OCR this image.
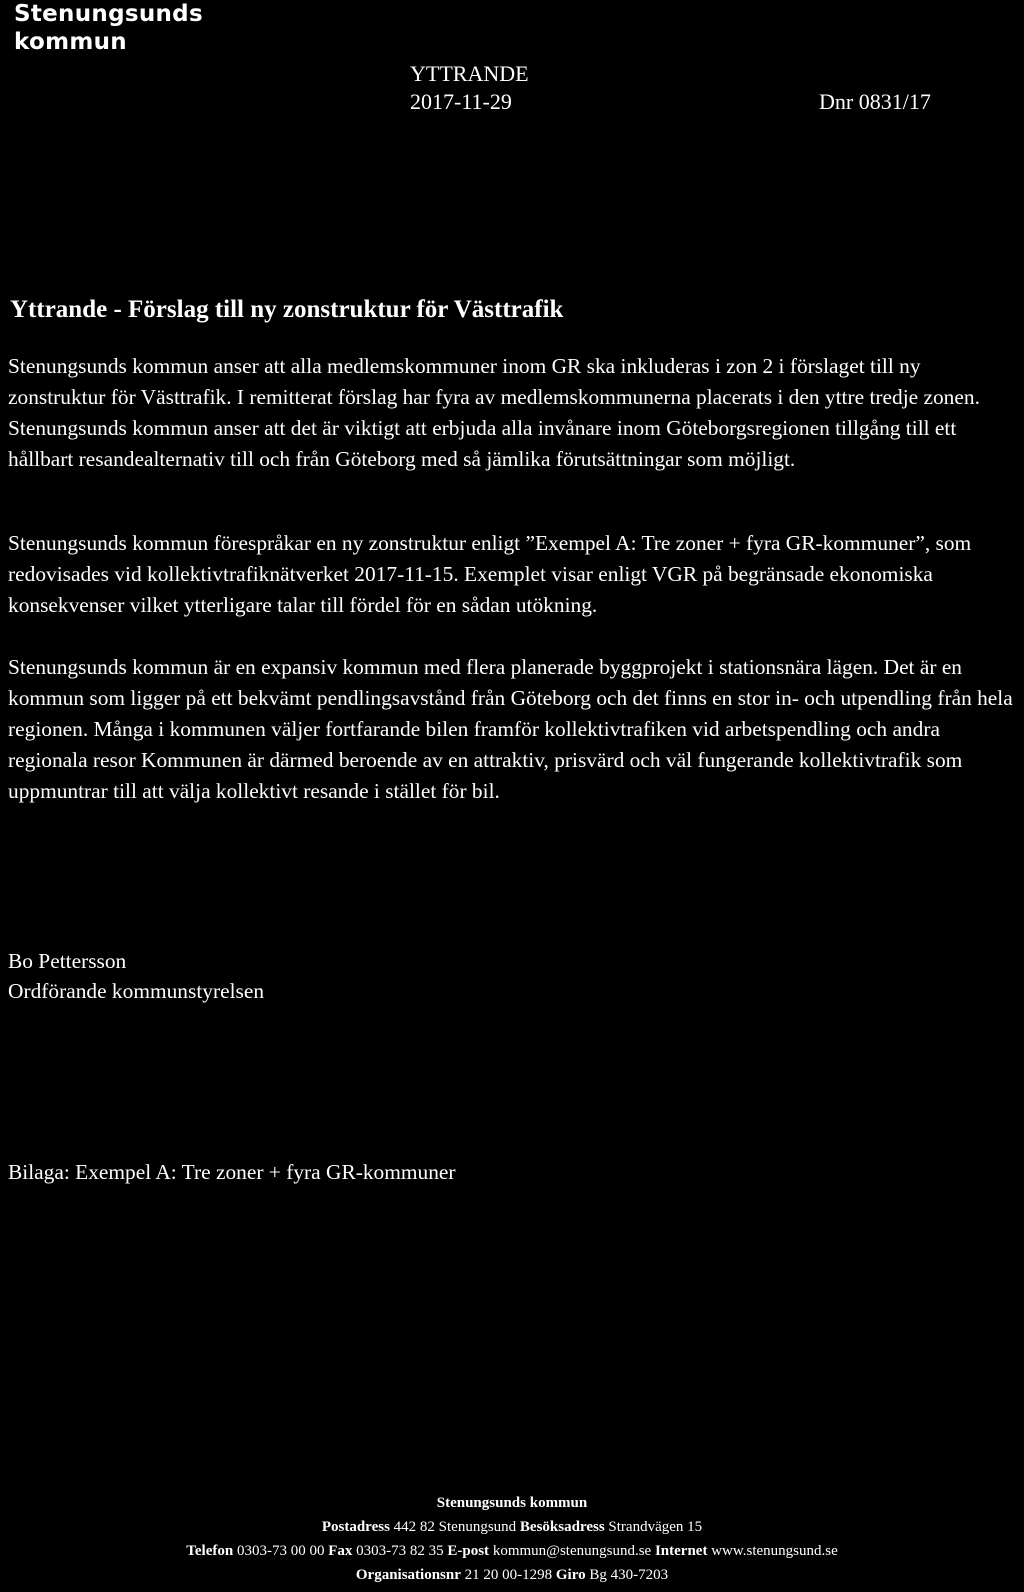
Stenungsunds
kommun
YTTRANDE
2017-11-29	Dnr 0831/17
Yttrande - Förslag till ny zonstruktur för Västtrafik

Stenungsunds kommun anser att alla medlemskommuner inom GR ska inkluderas i zon 2 i förslaget till ny zonstruktur för Västtrafik. I remitterat förslag har fyra av medlemskommunerna placerats i den yttre tredje zonen. Stenungsunds kommun anser att det är viktigt att erbjuda alla invånare inom Göteborgsregionen tillgång till ett hållbart resandealternativ till och från Göteborg med så jämlika förutsättningar som möjligt.

Stenungsunds kommun förespråkar en ny zonstruktur enligt ”Exempel A: Tre zoner + fyra GR-kommuner”, som redovisades vid kollektivtrafiknätverket 2017-11-15. Exemplet visar enligt VGR på begränsade ekonomiska konsekvenser vilket ytterligare talar till fördel för en sådan utökning.

Stenungsunds kommun är en expansiv kommun med flera planerade byggprojekt i stationsnära lägen. Det är en kommun som ligger på ett bekvämt pendlingsavstånd från Göteborg och det finns en stor in- och utpendling från hela regionen. Många i kommunen väljer fortfarande bilen framför kollektivtrafiken vid arbetspendling och andra regionala resor Kommunen är därmed beroende av en attraktiv, prisvärd och väl fungerande kollektivtrafik som uppmuntrar till att välja kollektivt resande i stället för bil.

Bo Pettersson
Ordförande kommunstyrelsen
Bilaga: Exempel A: Tre zoner + fyra GR-kommuner
Stenungsunds kommun
Postadress 442 82 Stenungsund Besöksadress Strandvägen 15
Telefon 0303-73 00 00 Fax 0303-73 82 35 E-post kommun@stenungsund.se Internet www.stenungsund.se
Organisationsnr 21 20 00-1298 Giro Bg 430-7203
